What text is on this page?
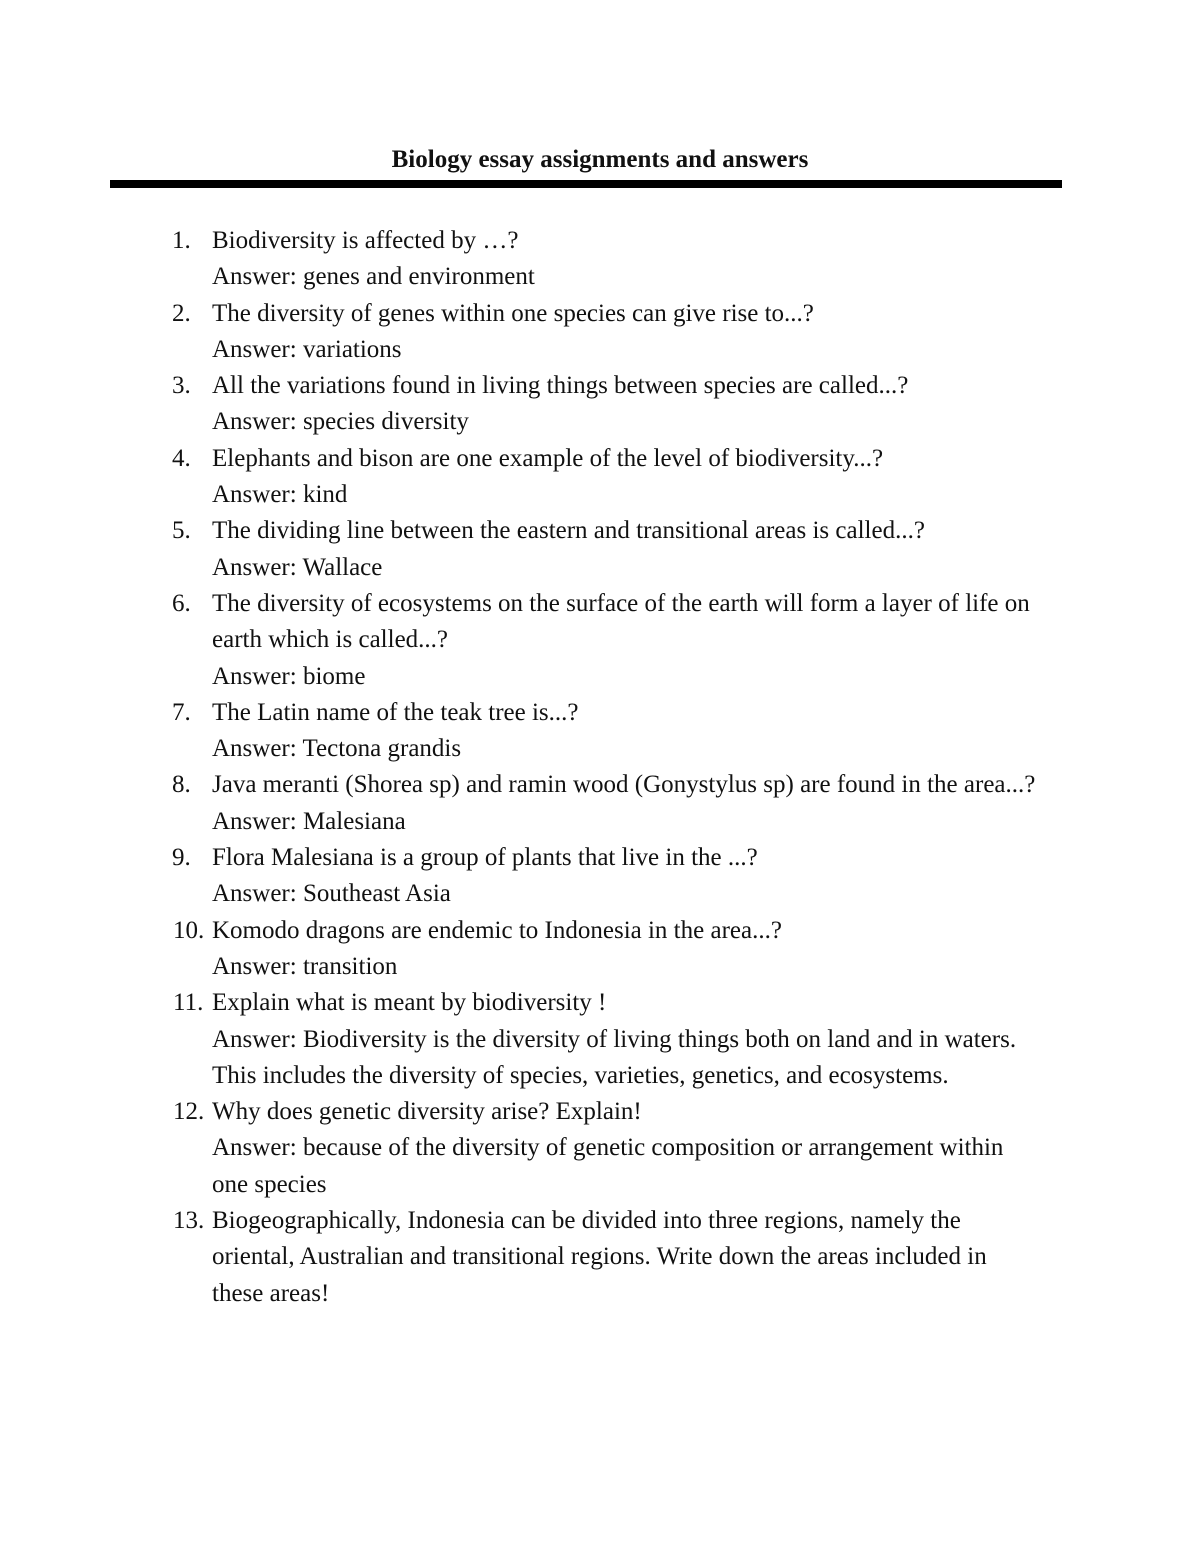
Biology essay assignments and answers
1. Biodiversity is affected by …?
Answer: genes and environment
2. The diversity of genes within one species can give rise to...?
Answer: variations
3. All the variations found in living things between species are called...?
Answer: species diversity
4. Elephants and bison are one example of the level of biodiversity...?
Answer: kind
5. The dividing line between the eastern and transitional areas is called...?
Answer: Wallace
6. The diversity of ecosystems on the surface of the earth will form a layer of life on earth which is called...?
Answer: biome
7. The Latin name of the teak tree is...?
Answer: Tectona grandis
8. Java meranti (Shorea sp) and ramin wood (Gonystylus sp) are found in the area...?
Answer: Malesiana
9. Flora Malesiana is a group of plants that live in the ...?
Answer: Southeast Asia
10. Komodo dragons are endemic to Indonesia in the area...?
Answer: transition
11. Explain what is meant by biodiversity !
Answer: Biodiversity is the diversity of living things both on land and in waters. This includes the diversity of species, varieties, genetics, and ecosystems.
12. Why does genetic diversity arise? Explain!
Answer: because of the diversity of genetic composition or arrangement within one species
13. Biogeographically, Indonesia can be divided into three regions, namely the oriental, Australian and transitional regions. Write down the areas included in these areas!
